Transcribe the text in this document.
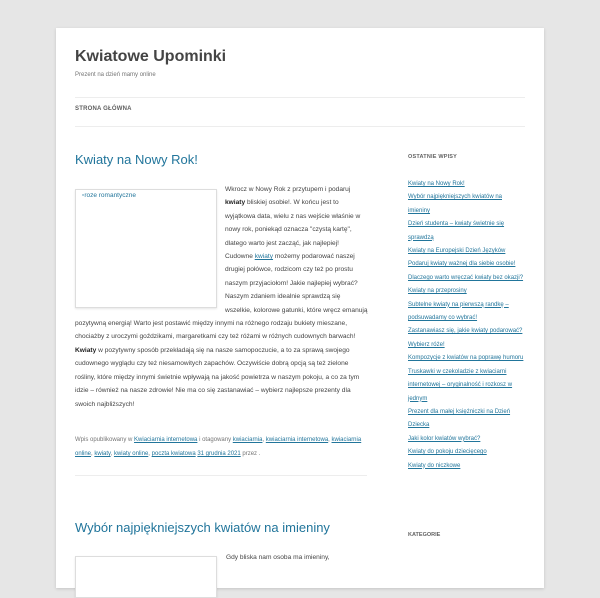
Kwiatowe Upominki
Prezent na dzień mamy online
STRONA GŁÓWNA
Kwiaty na Nowy Rok!
▫roze romantyczne
Wkrocz w Nowy Rok z przytupem i podaruj kwiaty bliskiej osobie!. W końcu jest to wyjątkowa data, wielu z nas wejście właśnie w nowy rok, poniekąd oznacza "czystą kartę", dlatego warto jest zacząć, jak najlepiej! Cudowne kwiaty możemy podarować naszej drugiej połówce, rodzicom czy też po prostu naszym przyjaciołom! Jakie najlepiej wybrać? Naszym zdaniem idealnie sprawdzą się wszelkie, kolorowe gatunki, które wręcz emanują pozytywną energią! Warto jest postawić między innymi na różnego rodzaju bukiety mieszane, chociażby z uroczymi goździkami, margaretkami czy też różami w różnych cudownych barwach! Kwiaty w pozytywny sposób przekładają się na nasze samopoczucie, a to za sprawą swojego cudownego wyglądu czy też niesamowitych zapachów. Oczywiście dobrą opcją są też zielone rośliny, które między innymi świetnie wpływają na jakość powietrza w naszym pokoju, a co za tym idzie – również na nasze zdrowie! Nie ma co się zastanawiać – wybierz najlepsze prezenty dla swoich najbliższych!
Wpis opublikowany w Kwiaciarnia internetowa i otagowany kwiaciarnia, kwiaciarnia internetowa, kwiaciarnia online, kwiaty, kwiaty online, poczta kwiatowa 31 grudnia 2021 przez .
Wybór najpiękniejszych kwiatów na imieniny
Gdy bliska nam osoba ma imieniny,
OSTATNIE WPISY
Kwiaty na Nowy Rok!
Wybór najpiękniejszych kwiatów na imieniny
Dzień studenta – kwiaty świetnie się sprawdzą
Kwiaty na Europejski Dzień Języków
Podaruj kwiaty ważnej dla siebie osobie!
Dlaczego warto wręczać kwiaty bez okazji?
Kwiaty na przeprosiny
Subtelne kwiaty na pierwszą randkę – podsuwadamy co wybrać!
Zastanawiasz się, jakie kwiaty podarować?
Wybierz róże!
Kompozycje z kwiatów na poprawę humoru
Truskawki w czekoladzie z kwiaciarni internetowej – oryginalność i rozkosz w jednym
Prezent dla małej księżniczki na Dzień Dziecka
Jaki kolor kwiatów wybrać?
Kwiaty do pokoju dziecięcego
Kwiaty do niczkowe
KATEGORIE
